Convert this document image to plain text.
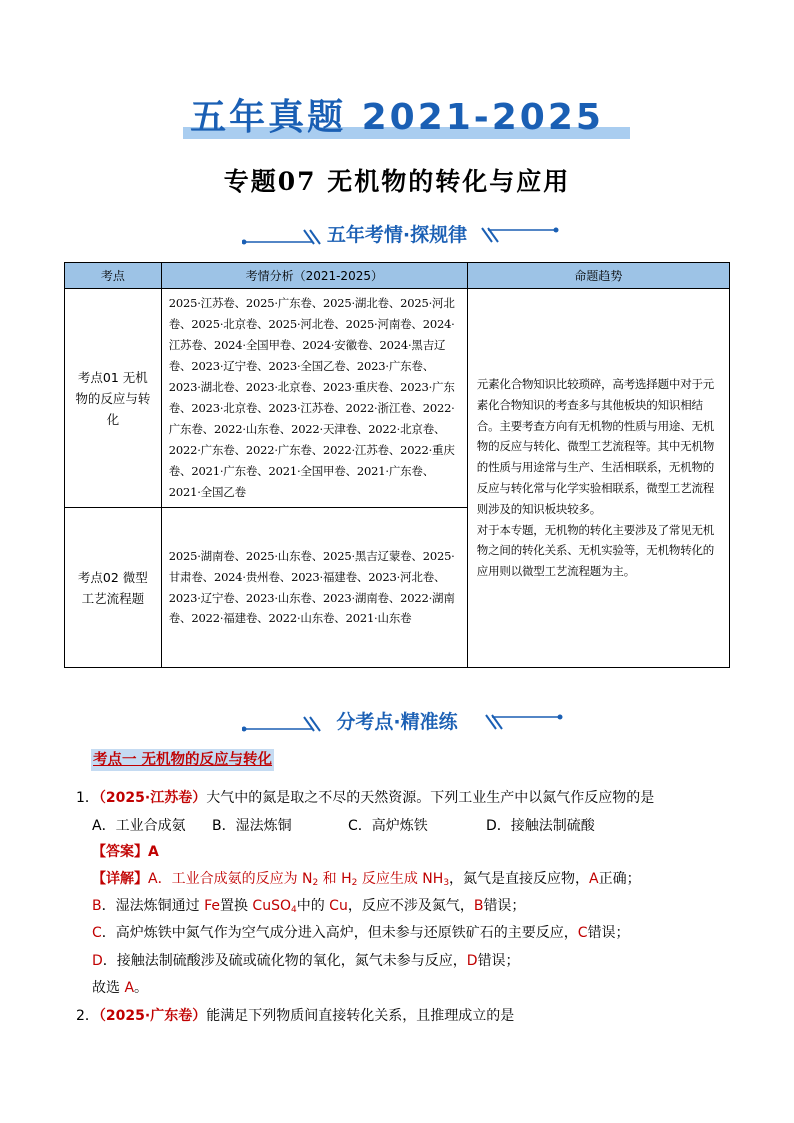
五年真题 2021-2025
专题07 无机物的转化与应用
五年考情·探规律
考点	考情分析（2021-2025）	命题趋势
考点01 无机物的反应与转化	2025·江苏卷、2025·广东卷、2025·湖北卷、2025·河北卷、2025·北京卷、2025·河北卷、2025·河南卷、2024·江苏卷、2024·全国甲卷、2024·安徽卷、2024·黑吉辽卷、2023·辽宁卷、2023·全国乙卷、2023·广东卷、2023·湖北卷、2023·北京卷、2023·重庆卷、2023·广东卷、2023·北京卷、2023·江苏卷、2022·浙江卷、2022·广东卷、2022·山东卷、2022·天津卷、2022·北京卷、2022·广东卷、2022·广东卷、2022·江苏卷、2022·重庆卷、2021·广东卷、2021·全国甲卷、2021·广东卷、2021·全国乙卷	元素化合物知识比较琐碎，高考选择题中对于元素化合物知识的考查多与其他板块的知识相结合。主要考查方向有无机物的性质与用途、无机物的反应与转化、微型工艺流程等。其中无机物的性质与用途常与生产、生活相联系，无机物的反应与转化常与化学实验相联系，微型工艺流程则涉及的知识板块较多。
对于本专题，无机物的转化主要涉及了常见无机物之间的转化关系、无机实验等，无机物转化的应用则以微型工艺流程题为主。

考点02 微型工艺流程题	2025·湖南卷、2025·山东卷、2025·黑吉辽蒙卷、2025·甘肃卷、2024·贵州卷、2023·福建卷、2023·河北卷、2023·辽宁卷、2023·山东卷、2023·湖南卷、2022·湖南卷、2022·福建卷、2022·山东卷、2021·山东卷	
分考点·精准练
考点一 无机物的反应与转化
1．（2025·江苏卷）大气中的氮是取之不尽的天然资源。下列工业生产中以氮气作反应物的是
A．工业合成氨 B．湿法炼铜	C．高炉炼铁	D．接触法制硫酸
【答案】A
【详解】A．工业合成氨的反应为 $N_2$ 和 $H_2$ 反应生成 $NH_3$，氮气是直接反应物，A正确；
B．湿法炼铜通过 Fe置换 CuSO$_4$中的 Cu，反应不涉及氮气，B错误；
C．高炉炼铁中氮气作为空气成分进入高炉，但未参与还原铁矿石的主要反应，C错误；
D．接触法制硫酸涉及硫或硫化物的氧化，氮气未参与反应，D错误；
故选 A。
2．（2025·广东卷）能满足下列物质间直接转化关系，且推理成立的是
